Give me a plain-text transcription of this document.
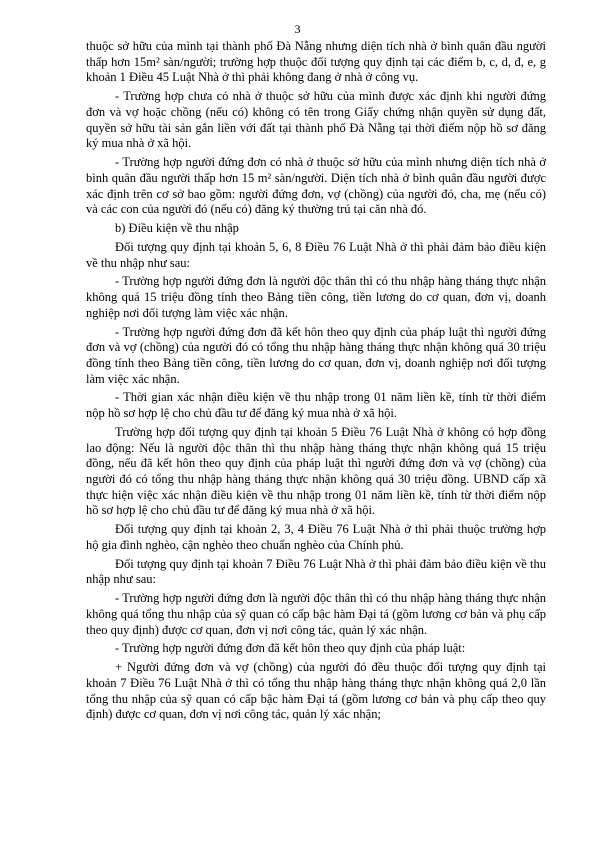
3

thuộc sở hữu của mình tại thành phố Đà Nẵng nhưng diện tích nhà ở bình quân đầu người thấp hơn 15m² sàn/người; trường hợp thuộc đối tượng quy định tại các điểm b, c, d, đ, e, g khoản 1 Điều 45 Luật Nhà ở thì phải không đang ở nhà ở công vụ.

- Trường hợp chưa có nhà ở thuộc sở hữu của mình được xác định khi người đứng đơn và vợ hoặc chồng (nếu có) không có tên trong Giấy chứng nhận quyền sử dụng đất, quyền sở hữu tài sản gắn liền với đất tại thành phố Đà Nẵng tại thời điểm nộp hồ sơ đăng ký mua nhà ở xã hội.

- Trường hợp người đứng đơn có nhà ở thuộc sở hữu của mình nhưng diện tích nhà ở bình quân đầu người thấp hơn 15 m² sàn/người. Diện tích nhà ở bình quân đầu người được xác định trên cơ sở bao gồm: người đứng đơn, vợ (chồng) của người đó, cha, mẹ (nếu có) và các con của người đó (nếu có) đăng ký thường trú tại căn nhà đó.

b) Điều kiện về thu nhập

Đối tượng quy định tại khoản 5, 6, 8 Điều 76 Luật Nhà ở thì phải đảm bảo điều kiện về thu nhập như sau:

- Trường hợp người đứng đơn là người độc thân thì có thu nhập hàng tháng thực nhận không quá 15 triệu đồng tính theo Bảng tiền công, tiền lương do cơ quan, đơn vị, doanh nghiệp nơi đối tượng làm việc xác nhận.

- Trường hợp người đứng đơn đã kết hôn theo quy định của pháp luật thì người đứng đơn và vợ (chồng) của người đó có tổng thu nhập hàng tháng thực nhận không quá 30 triệu đồng tính theo Bảng tiền công, tiền lương do cơ quan, đơn vị, doanh nghiệp nơi đối tượng làm việc xác nhận.

- Thời gian xác nhận điều kiện về thu nhập trong 01 năm liền kề, tính từ thời điểm nộp hồ sơ hợp lệ cho chủ đầu tư để đăng ký mua nhà ở xã hội.

Trường hợp đối tượng quy định tại khoản 5 Điều 76 Luật Nhà ở không có hợp đồng lao động: Nếu là người độc thân thì thu nhập hàng tháng thực nhận không quá 15 triệu đồng, nếu đã kết hôn theo quy định của pháp luật thì người đứng đơn và vợ (chồng) của người đó có tổng thu nhập hàng tháng thực nhận không quá 30 triệu đồng. UBND cấp xã thực hiện việc xác nhận điều kiện về thu nhập trong 01 năm liền kề, tính từ thời điểm nộp hồ sơ hợp lệ cho chủ đầu tư để đăng ký mua nhà ở xã hội.

Đối tượng quy định tại khoản 2, 3, 4 Điều 76 Luật Nhà ở thì phải thuộc trường hợp hộ gia đình nghèo, cận nghèo theo chuẩn nghèo của Chính phủ.

Đối tượng quy định tại khoản 7 Điều 76 Luật Nhà ở thì phải đảm bảo điều kiện về thu nhập như sau:

- Trường hợp người đứng đơn là người độc thân thì có thu nhập hàng tháng thực nhận không quá tổng thu nhập của sỹ quan có cấp bậc hàm Đại tá (gồm lương cơ bản và phụ cấp theo quy định) được cơ quan, đơn vị nơi công tác, quản lý xác nhận.

- Trường hợp người đứng đơn đã kết hôn theo quy định của pháp luật:

+ Người đứng đơn và vợ (chồng) của người đó đều thuộc đối tượng quy định tại khoản 7 Điều 76 Luật Nhà ở thì có tổng thu nhập hàng tháng thực nhận không quá 2,0 lần tổng thu nhập của sỹ quan có cấp bậc hàm Đại tá (gồm lương cơ bản và phụ cấp theo quy định) được cơ quan, đơn vị nơi công tác, quản lý xác nhận;
